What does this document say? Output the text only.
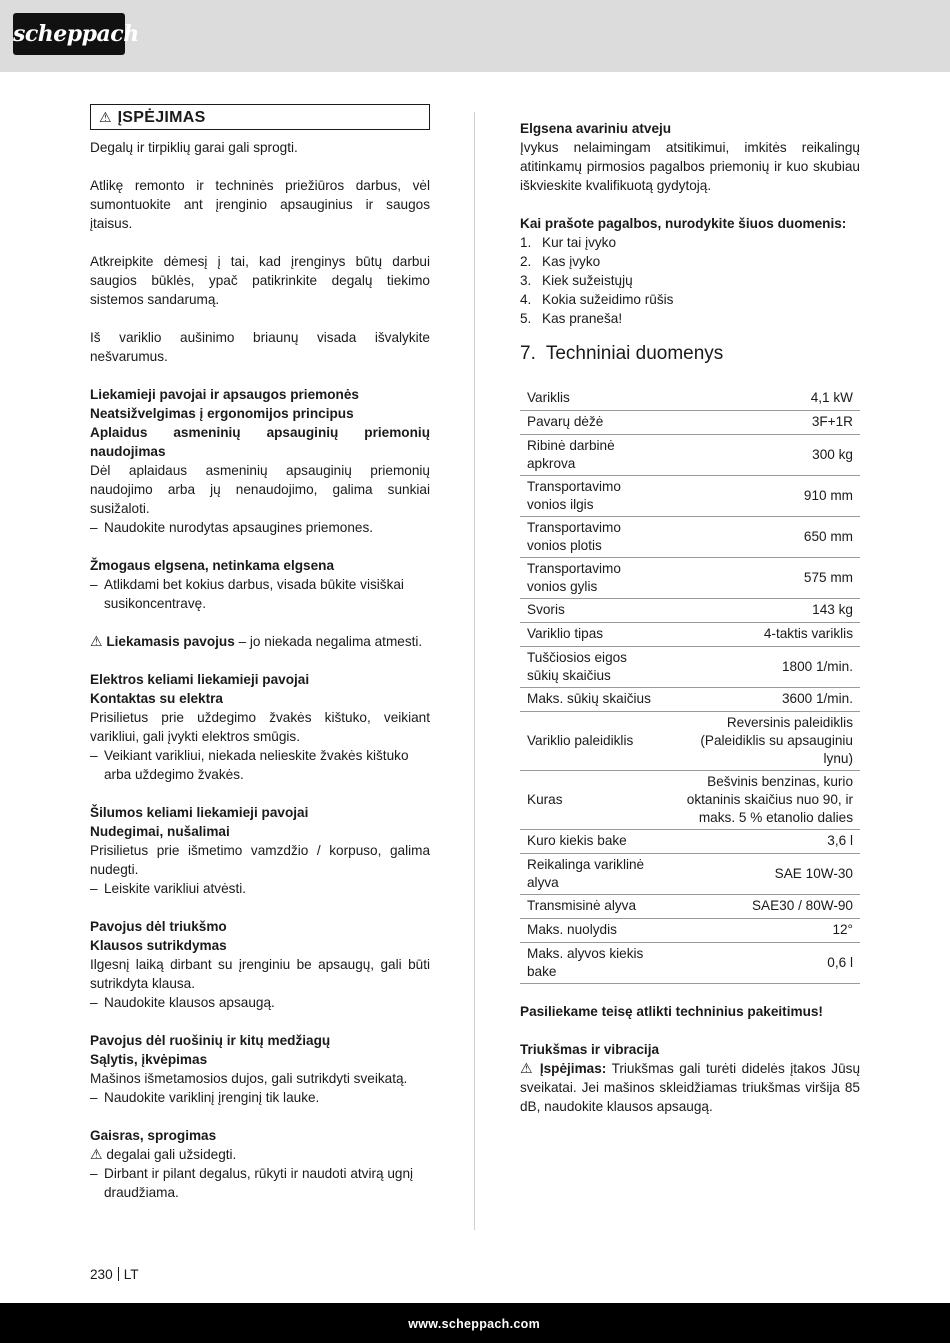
scheppach
⚠ ĮSPĖJIMAS

Degalų ir tirpiklių garai gali sprogti.

Atlikę remonto ir techninės priežiūros darbus, vėl sumontuokite ant įrenginio apsauginius ir saugos įtaisus.

Atkreipkite dėmesį į tai, kad įrenginys būtų darbui saugios būklės, ypač patikrinkite degalų tiekimo sistemos sandarumą.

Iš variklio aušinimo briaunų visada išvalykite nešvarumus.

Liekamieji pavojai ir apsaugos priemonės

Neatsižvelgimas į ergonomijos principus

Aplaidus asmeninių apsauginių priemonių naudojimas

Dėl aplaidaus asmeninių apsauginių priemonių naudojimo arba jų nenaudojimo, galima sunkiai susižaloti.

– Naudokite nurodytas apsaugines priemones.

Žmogaus elgsena, netinkama elgsena

– Atlikdami bet kokius darbus, visada būkite visiškai susikoncentravę.

⚠ Liekamasis pavojus – jo niekada negalima atmesti.

Elektros keliami liekamieji pavojai

Kontaktas su elektra

Prisilietus prie uždegimo žvakės kištuko, veikiant varikliui, gali įvykti elektros smūgis.

– Veikiant varikliui, niekada nelieskite žvakės kištuko arba uždegimo žvakės.

Šilumos keliami liekamieji pavojai

Nudegimai, nušalimai

Prisilietus prie išmetimo vamzdžio / korpuso, galima nudegti.

– Leiskite varikliui atvėsti.

Pavojus dėl triukšmo

Klausos sutrikdymas

Ilgesnį laiką dirbant su įrenginiu be apsaugų, gali būti sutrikdyta klausa.

– Naudokite klausos apsaugą.

Pavojus dėl ruošinių ir kitų medžiagų

Sąlytis, įkvėpimas

Mašinos išmetamosios dujos, gali sutrikdyti sveikatą.

– Naudokite variklinį įrenginį tik lauke.

Gaisras, sprogimas

⚠ degalai gali užsidegti.

– Dirbant ir pilant degalus, rūkyti ir naudoti atvirą ugnį draudžiama.

Elgsena avariniu atveju

Įvykus nelaimingam atsitikimui, imkitės reikalingų atitinkamų pirmosios pagalbos priemonių ir kuo skubiau iškvieskite kvalifikuotą gydytoją.

Kai prašote pagalbos, nurodykite šiuos duomenis:

1. Kur tai įvyko
2. Kas įvyko
3. Kiek sužeistųjų
4. Kokia sužeidimo rūšis
5. Kas praneša!
7. Techniniai duomenys
Variklis	4,1 kW
Pavarų dėžė	3F+1R
Ribinė darbinė apkrova	300 kg
Transportavimo vonios ilgis	910 mm
Transportavimo vonios plotis	650 mm
Transportavimo vonios gylis	575 mm
Svoris	143 kg
Variklio tipas	4-taktis variklis
Tuščiosios eigos sūkių skaičius	1800 1/min.
Maks. sūkių skaičius	3600 1/min.
Variklio paleidiklis	Reversinis paleidiklis (Paleidiklis su apsauginiu lynu)
Kuras	Bešvinis benzinas, kurio oktaninis skaičius nuo 90, ir maks. 5 % etanolio dalies
Kuro kiekis bake	3,6 l
Reikalinga variklinė alyva	SAE 10W-30
Transmisinė alyva	SAE30 / 80W-90
Maks. nuolydis	12°
Maks. alyvos kiekis bake	0,6 l

Pasiliekame teisę atlikti techninius pakeitimus!

Triukšmas ir vibracija

⚠ Įspėjimas: Triukšmas gali turėti didelės įtakos Jūsų sveikatai. Jei mašinos skleidžiamas triukšmas viršija 85 dB, naudokite klausos apsaugą.

230 LT
www.scheppach.com
